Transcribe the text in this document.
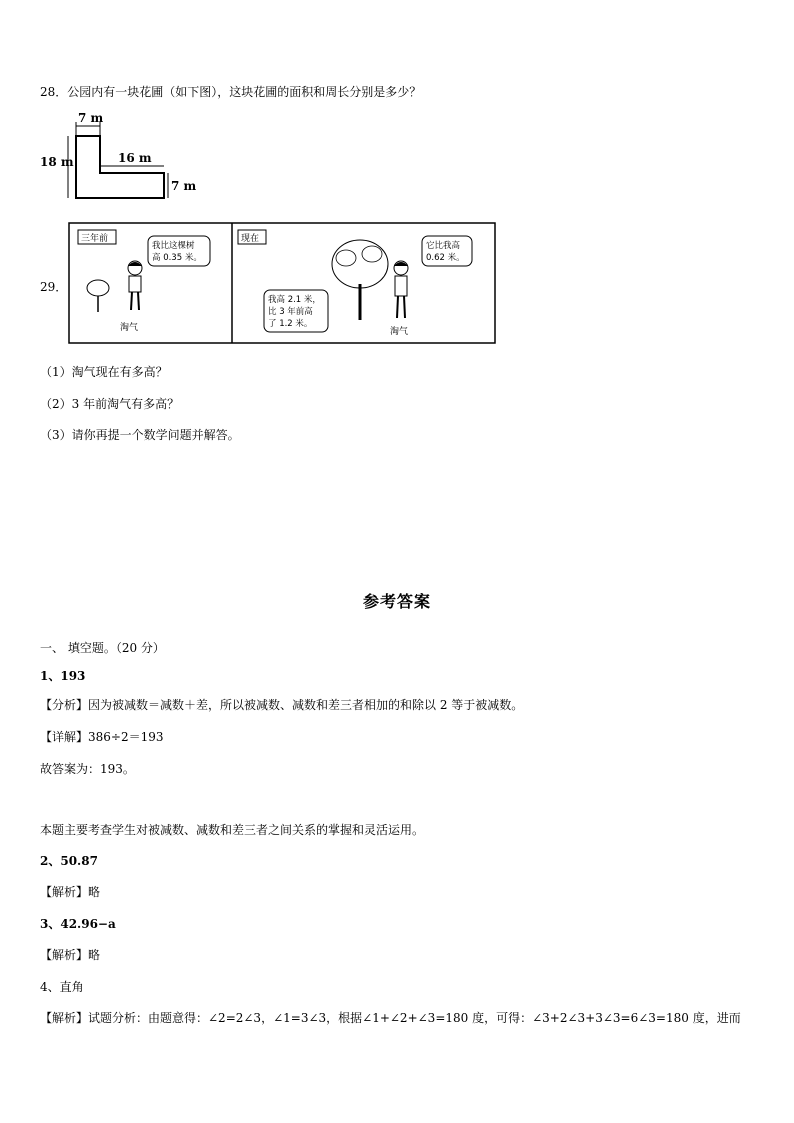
28．公园内有一块花圃（如下图），这块花圃的面积和周长分别是多少？
7 m
18 m	16 m
7 m
29．
三年前
淘气
我比这棵树
高 0.35 米。
现在
淘气
我高 2.1 米，
比 3 年前高
了 1.2 米。
它比我高
0.62 米。
（1）淘气现在有多高？
（2）3 年前淘气有多高？
（3）请你再提一个数学问题并解答。
参考答案
一、 填空题。（20 分）
1、193
【分析】因为被减数＝减数＋差，所以被减数、减数和差三者相加的和除以 2 等于被减数。
【详解】386÷2＝193
故答案为：193。
本题主要考查学生对被减数、减数和差三者之间关系的掌握和灵活运用。
2、50.87
【解析】略
3、42.96−a
【解析】略
4、直角
【解析】试题分析：由题意得：∠2=2∠3，∠1=3∠3，根据∠1+∠2+∠3=180 度，可得：∠3+2∠3+3∠3=6∠3=180 度，进而
